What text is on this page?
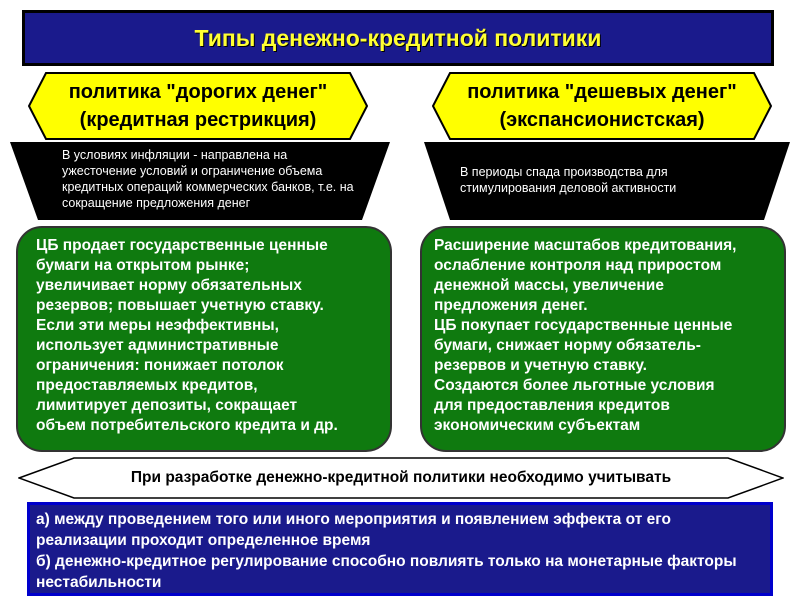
Типы денежно-кредитной политики
политика "дорогих денег"
(кредитная рестрикция)
политика "дешевых денег"
(экспансионистская)
В условиях инфляции - направлена на ужесточение условий и ограничение объема кредитных операций коммерческих банков, т.е. на сокращение предложения денег
В периоды спада производства для стимулирования деловой активности

ЦБ продает государственные ценные
бумаги на открытом рынке;
увеличивает норму обязательных
резервов; повышает учетную ставку.
Если эти меры неэффективны,
использует административные
ограничения: понижает потолок
предоставляемых кредитов,
лимитирует депозиты, сокращает
объем потребительского кредита и др.

Расширение масштабов кредитования,
ослабление контроля над приростом
денежной массы, увеличение
предложения денег.
ЦБ покупает государственные ценные
бумаги, снижает норму обязатель-
резервов и учетную ставку.
Создаются более льготные условия
для предоставления кредитов
экономическим субъектам

При разработке денежно-кредитной политики необходимо учитывать

а) между проведением того или иного мероприятия и появлением эффекта от его реализации проходит определенное время

б) денежно-кредитное регулирование способно повлиять только на монетарные факторы нестабильности
